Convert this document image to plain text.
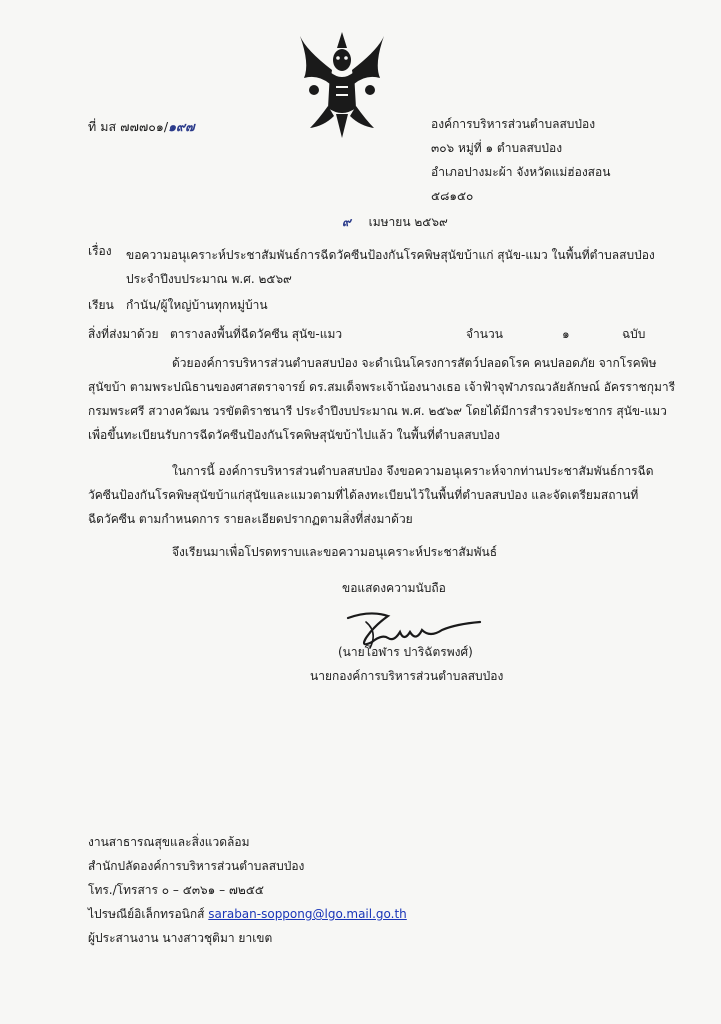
ที่ มส ๗๗๗๐๑/๑๙๗	องค์การบริหารส่วนตำบลสบป่อง
๓๐๖ หมู่ที่ ๑ ตำบลสบป่อง
อำเภอปางมะผ้า จังหวัดแม่ฮ่องสอน
๕๘๑๕๐
๙ เมษายน ๒๕๖๙
เรื่อง ขอความอนุเคราะห์ประชาสัมพันธ์การฉีดวัคซีนป้องกันโรคพิษสุนัขบ้าแก่ สุนัข-แมว ในพื้นที่ตำบลสบป่อง
ประจำปีงบประมาณ พ.ศ. ๒๕๖๙
เรียน กำนัน/ผู้ใหญ่บ้านทุกหมู่บ้าน
สิ่งที่ส่งมาด้วย ตารางลงพื้นที่ฉีดวัคซีน สุนัข-แมว	จำนวน	๑	ฉบับ
ด้วยองค์การบริหารส่วนตำบลสบป่อง จะดำเนินโครงการสัตว์ปลอดโรค คนปลอดภัย จากโรคพิษ
สุนัขบ้า ตามพระปณิธานของศาสตราจารย์ ดร.สมเด็จพระเจ้าน้องนางเธอ เจ้าฟ้าจุฬาภรณวลัยลักษณ์ อัครราชกุมารี
กรมพระศรี สวางควัฒน วรขัตติราชนารี ประจำปีงบประมาณ พ.ศ. ๒๕๖๙ โดยได้มีการสำรวจประชากร สุนัข-แมว
เพื่อขึ้นทะเบียนรับการฉีดวัคซีนป้องกันโรคพิษสุนัขบ้าไปแล้ว ในพื้นที่ตำบลสบป่อง
ในการนี้ องค์การบริหารส่วนตำบลสบป่อง จึงขอความอนุเคราะห์จากท่านประชาสัมพันธ์การฉีด
วัคซีนป้องกันโรคพิษสุนัขบ้าแก่สุนัขและแมวตามที่ได้ลงทะเบียนไว้ในพื้นที่ตำบลสบป่อง และจัดเตรียมสถานที่
ฉีดวัคซีน ตามกำหนดการ รายละเอียดปรากฏตามสิ่งที่ส่งมาด้วย
จึงเรียนมาเพื่อโปรดทราบและขอความอนุเคราะห์ประชาสัมพันธ์
ขอแสดงความนับถือ
(นายโอฬาร ปาริฉัตรพงศ์)
นายกองค์การบริหารส่วนตำบลสบป่อง
งานสาธารณสุขและสิ่งแวดล้อม
สำนักปลัดองค์การบริหารส่วนตำบลสบป่อง
โทร./โทรสาร ๐ – ๕๓๖๑ – ๗๒๕๕
ไปรษณีย์อิเล็กทรอนิกส์ saraban-soppong@lgo.mail.go.th
ผู้ประสานงาน นางสาวชุติมา ยาเขต
